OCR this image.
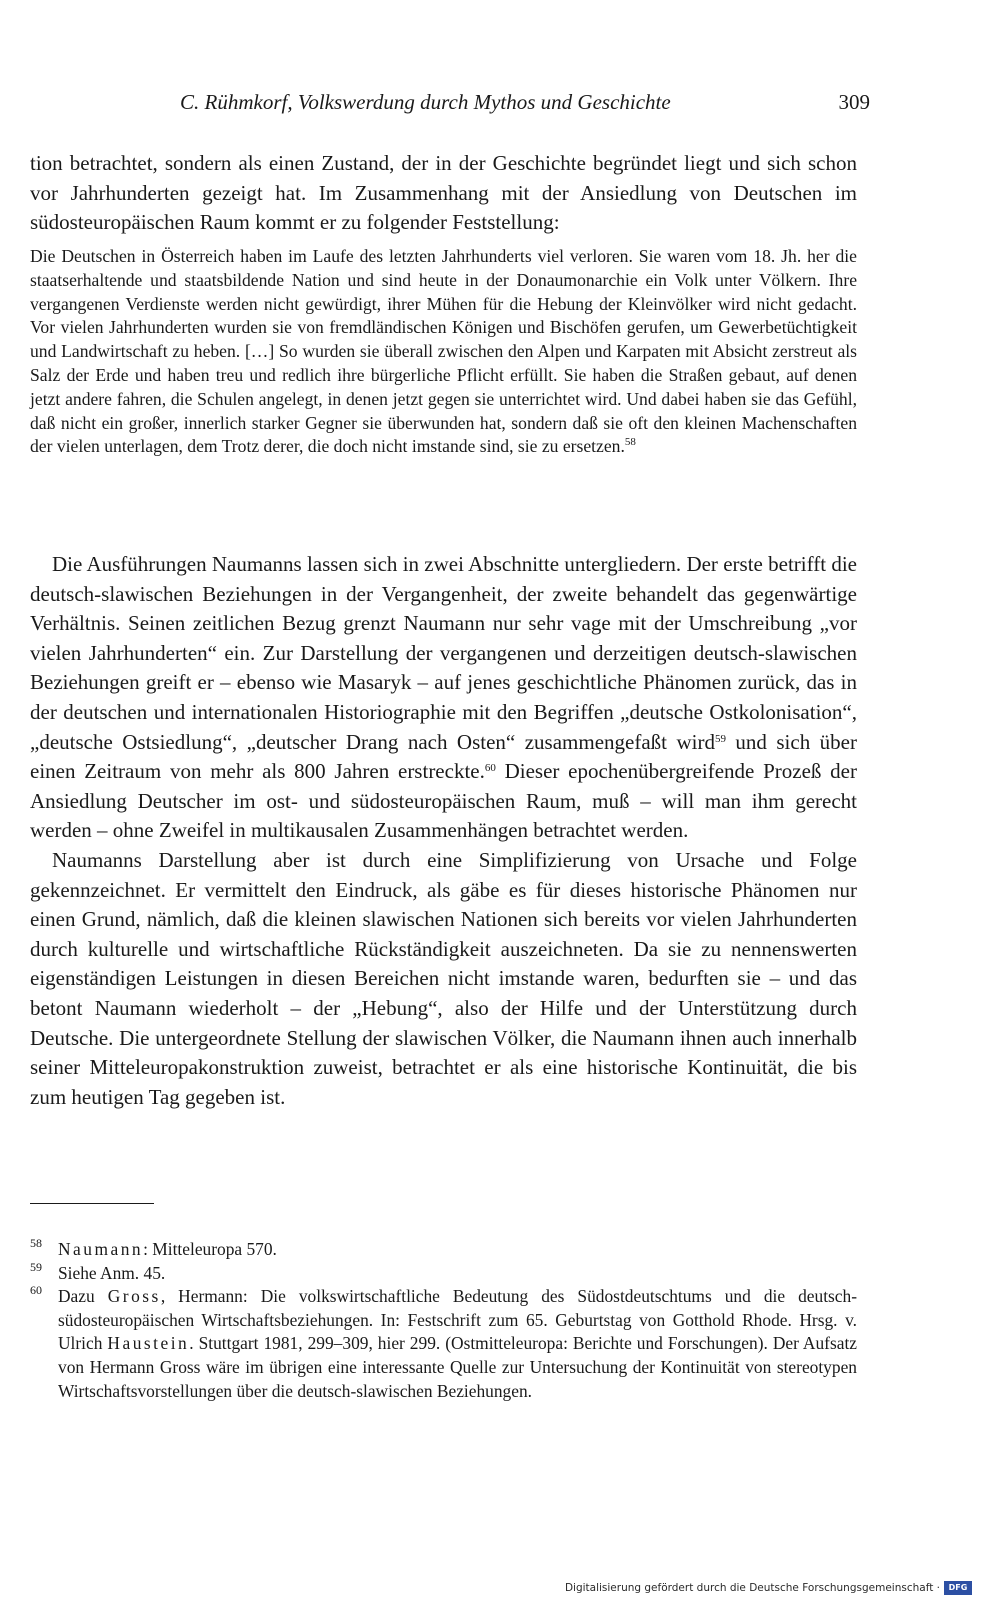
C. Rühmkorf, Volkswerdung durch Mythos und Geschichte	309

tion betrachtet, sondern als einen Zustand, der in der Geschichte begründet liegt und sich schon vor Jahrhunderten gezeigt hat. Im Zusammenhang mit der Ansiedlung von Deutschen im südosteuropäischen Raum kommt er zu folgender Feststellung:

Die Deutschen in Österreich haben im Laufe des letzten Jahrhunderts viel verloren. Sie waren vom 18. Jh. her die staatserhaltende und staatsbildende Nation und sind heute in der Donaumonarchie ein Volk unter Völkern. Ihre vergangenen Verdienste werden nicht gewürdigt, ihrer Mühen für die Hebung der Kleinvölker wird nicht gedacht. Vor vielen Jahrhunderten wurden sie von fremdländischen Königen und Bischöfen gerufen, um Gewerbetüchtigkeit und Landwirtschaft zu heben. […] So wurden sie überall zwischen den Alpen und Karpaten mit Absicht zerstreut als Salz der Erde und haben treu und redlich ihre bürgerliche Pflicht erfüllt. Sie haben die Straßen gebaut, auf denen jetzt andere fahren, die Schulen angelegt, in denen jetzt gegen sie unterrichtet wird. Und dabei haben sie das Gefühl, daß nicht ein großer, innerlich starker Gegner sie überwunden hat, sondern daß sie oft den kleinen Machenschaften der vielen unterlagen, dem Trotz derer, die doch nicht imstande sind, sie zu ersetzen.$^{58}$

Die Ausführungen Naumanns lassen sich in zwei Abschnitte untergliedern. Der erste betrifft die deutsch-slawischen Beziehungen in der Vergangenheit, der zweite behandelt das gegenwärtige Verhältnis. Seinen zeitlichen Bezug grenzt Naumann nur sehr vage mit der Umschreibung „vor vielen Jahrhunderten“ ein. Zur Darstellung der vergangenen und derzeitigen deutsch-slawischen Beziehungen greift er – ebenso wie Masaryk – auf jenes geschichtliche Phänomen zurück, das in der deutschen und internationalen Historiographie mit den Begriffen „deutsche Ostkolonisation“, „deutsche Ostsiedlung“, „deutscher Drang nach Osten“ zusammengefaßt wird$^{59}$ und sich über einen Zeitraum von mehr als 800 Jahren erstreckte.$^{60}$ Dieser epochenübergreifende Prozeß der Ansiedlung Deutscher im ost- und südosteuropäischen Raum, muß – will man ihm gerecht werden – ohne Zweifel in multikausalen Zusammenhängen betrachtet werden.

Naumanns Darstellung aber ist durch eine Simplifizierung von Ursache und Folge gekennzeichnet. Er vermittelt den Eindruck, als gäbe es für dieses historische Phänomen nur einen Grund, nämlich, daß die kleinen slawischen Nationen sich bereits vor vielen Jahrhunderten durch kulturelle und wirtschaftliche Rückständigkeit auszeichneten. Da sie zu nennenswerten eigenständigen Leistungen in diesen Bereichen nicht imstande waren, bedurften sie – und das betont Naumann wiederholt – der „Hebung“, also der Hilfe und der Unterstützung durch Deutsche. Die untergeordnete Stellung der slawischen Völker, die Naumann ihnen auch innerhalb seiner Mitteleuropakonstruktion zuweist, betrachtet er als eine historische Kontinuität, die bis zum heutigen Tag gegeben ist.

58 Naumann: Mitteleuropa 570.
59 Siehe Anm. 45.
60 Dazu Gross, Hermann: Die volkswirtschaftliche Bedeutung des Südostdeutschtums und die deutsch-südosteuropäischen Wirtschaftsbeziehungen. In: Festschrift zum 65. Geburtstag von Gotthold Rhode. Hrsg. v. Ulrich Haustein. Stuttgart 1981, 299–309, hier 299. (Ostmitteleuropa: Berichte und Forschungen). Der Aufsatz von Hermann Gross wäre im übrigen eine interessante Quelle zur Untersuchung der Kontinuität von stereotypen Wirtschaftsvorstellungen über die deutsch-slawischen Beziehungen.
Digitalisierung gefördert durch die Deutsche Forschungsgemeinschaft ·	DFG
